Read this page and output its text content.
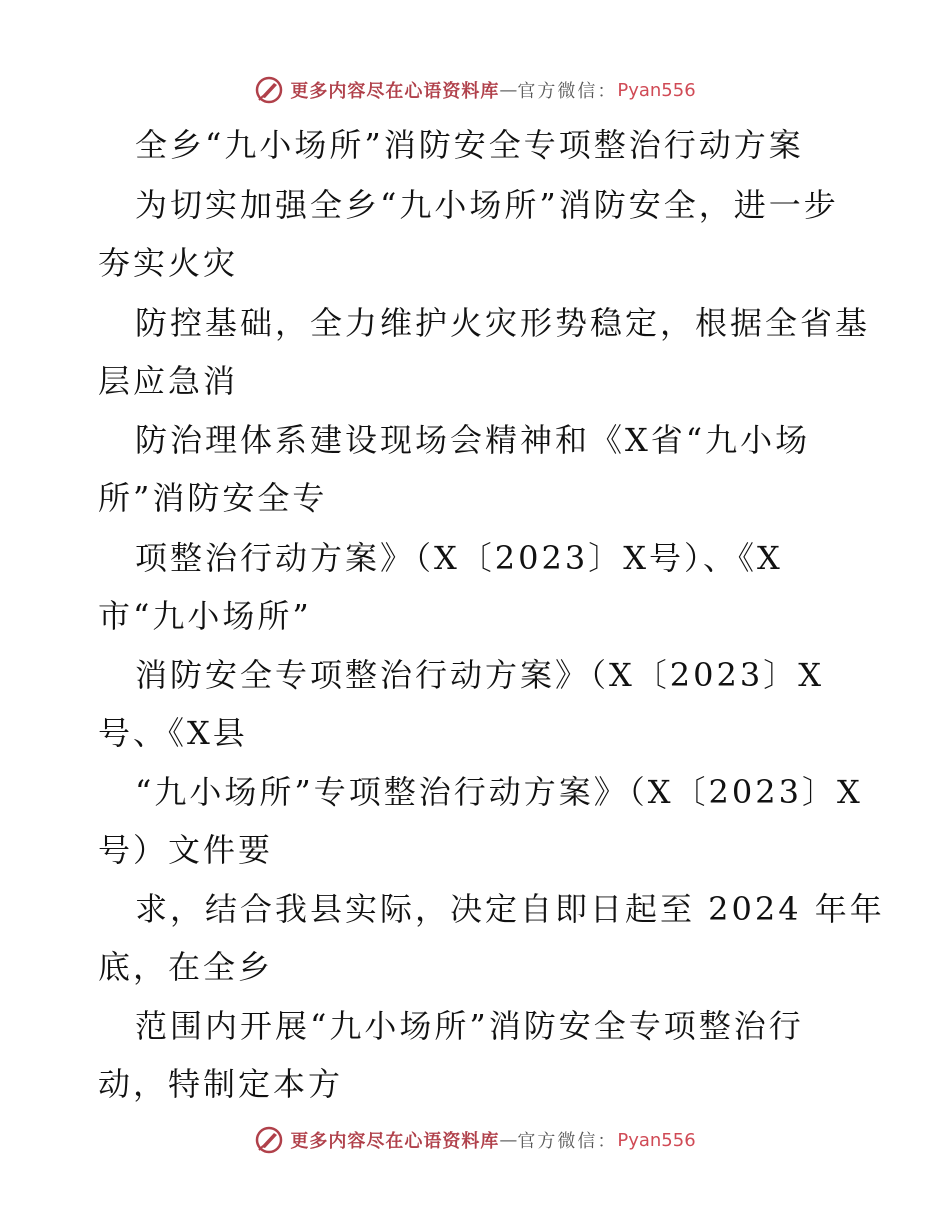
更多内容尽在心语资料库 — 官方微信： Pyan556
全乡“九小场所”消防安全专项整治行动方案
为切实加强全乡“九小场所”消防安全，进一步
夯实火灾
防控基础，全力维护火灾形势稳定，根据全省基
层应急消
防治理体系建设现场会精神和《X省“九小场
所”消防安全专
项整治行动方案》（X〔2023〕X号）、《X
市“九小场所”
消防安全专项整治行动方案》（X〔2023〕X
号、《X县
“九小场所”专项整治行动方案》（X〔2023〕X
号）文件要
求，结合我县实际，决定自即日起至 2024 年年
底，在全乡
范围内开展“九小场所”消防安全专项整治行
动，特制定本方
更多内容尽在心语资料库 — 官方微信： Pyan556
